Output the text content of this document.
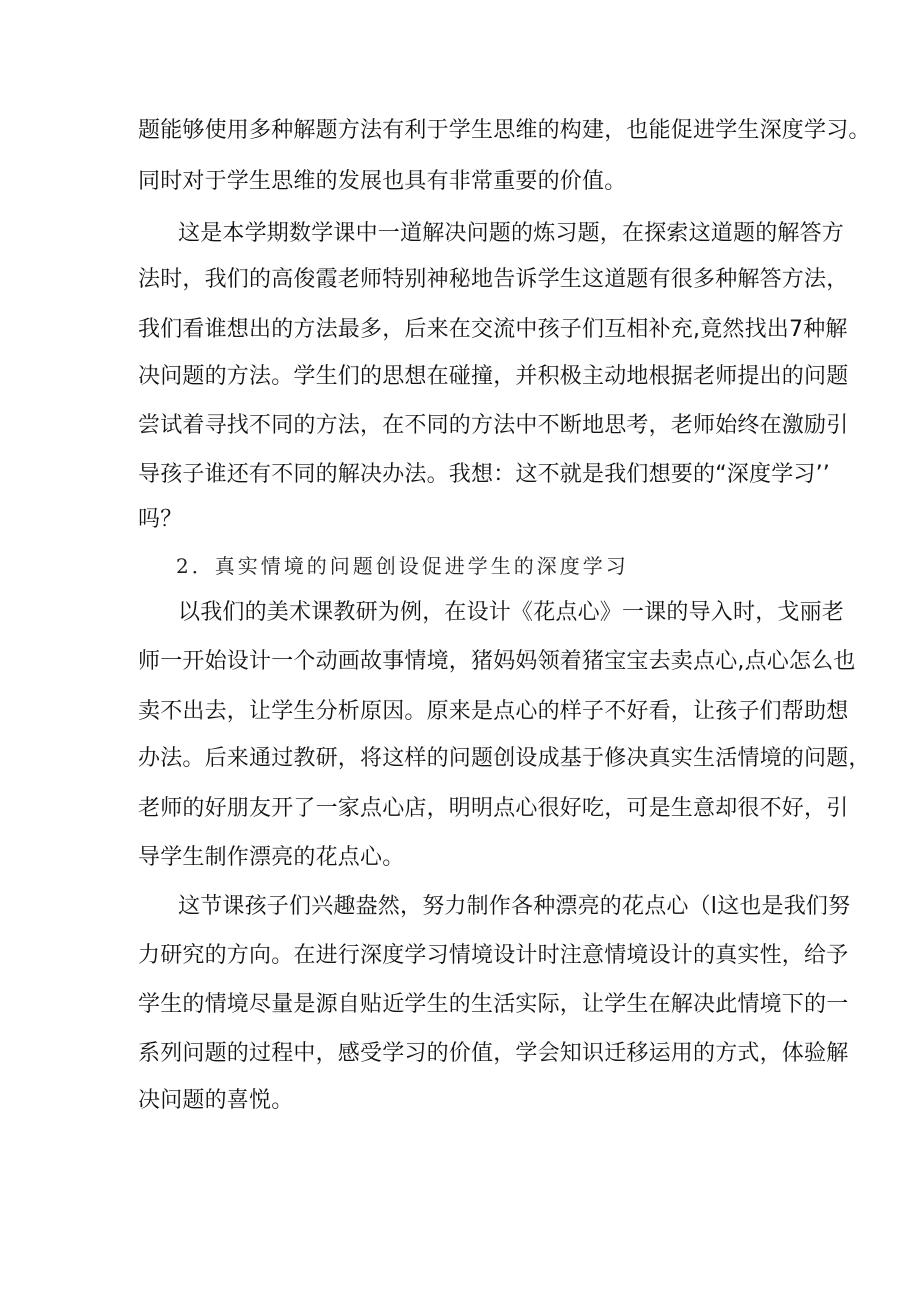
题能够使用多种解题方法有利于学生思维的构建，也能促进学生深度学习。
同时对于学生思维的发展也具有非常重要的价值。
这是本学期数学课中一道解决问题的炼习题，在探索这道题的解答方
法时，我们的高俊霞老师特别神秘地告诉学生这道题有很多种解答方法，
我们看谁想出的方法最多，后来在交流中孩子们互相补充,竟然找出7种解
决问题的方法。学生们的思想在碰撞，并积极主动地根据老师提出的问题
尝试着寻找不同的方法，在不同的方法中不断地思考，老师始终在激励引
导孩子谁还有不同的解决办法。我想：这不就是我们想要的“深度学习’’
吗？
2．真实情境的问题创设促进学生的深度学习
以我们的美术课教研为例，在设计《花点心》一课的导入时，戈丽老
师一开始设计一个动画故事情境，猪妈妈领着猪宝宝去卖点心,点心怎么也
卖不出去，让学生分析原因。原来是点心的样子不好看，让孩子们帮助想
办法。后来通过教研，将这样的问题创设成基于修决真实生活情境的问题，
老师的好朋友开了一家点心店，明明点心很好吃，可是生意却很不好，引
导学生制作漂亮的花点心。
这节课孩子们兴趣盎然，努力制作各种漂亮的花点心（l这也是我们努
力研究的方向。在进行深度学习情境设计时注意情境设计的真实性，给予
学生的情境尽量是源自贴近学生的生活实际，让学生在解决此情境下的一
系列问题的过程中，感受学习的价值，学会知识迁移运用的方式，体验解
决问题的喜悦。
